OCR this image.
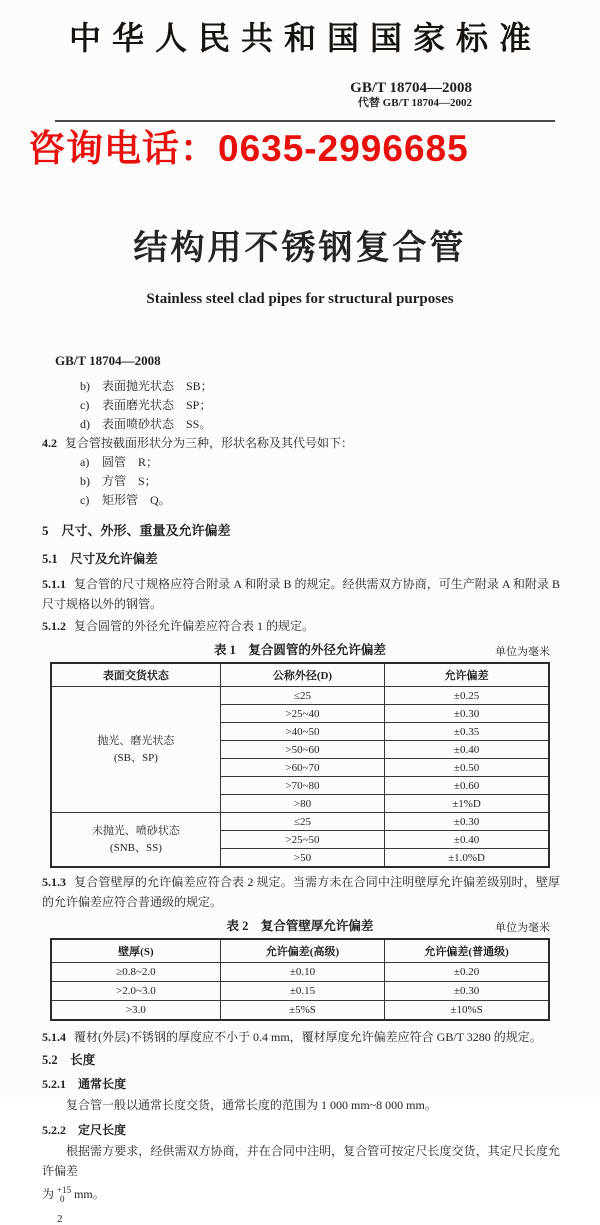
中华人民共和国国家标准
GB/T 18704—2008
代替 GB/T 18704—2002
咨询电话：0635-2996685
结构用不锈钢复合管
Stainless steel clad pipes for structural purposes
GB/T 18704—2008
b) 表面抛光状态　SB；
c) 表面磨光状态　SP；
d) 表面喷砂状态　SS。
4.2 复合管按截面形状分为三种，形状名称及其代号如下：
a) 圆管　R；
b) 方管　S；
c) 矩形管　Q。
5　尺寸、外形、重量及允许偏差
5.1　尺寸及允许偏差
5.1.1 复合管的尺寸规格应符合附录 A 和附录 B 的规定。经供需双方协商，可生产附录 A 和附录 B 尺寸规格以外的钢管。
5.1.2 复合圆管的外径允许偏差应符合表 1 的规定。
表 1　复合圆管的外径允许偏差	单位为毫米
表面交货状态	公称外径(D)	允许偏差

抛光、磨光状态
(SB、SP)	≤25	±0.25
	>25~40	±0.30
	>40~50	±0.35
	>50~60	±0.40
	>60~70	±0.50
	>70~80	±0.60
	>80	±1%D

未抛光、喷砂状态
(SNB、SS)	≤25	±0.30
	>25~50	±0.40
	>50	±1.0%D
5.1.3 复合管壁厚的允许偏差应符合表 2 规定。当需方未在合同中注明壁厚允许偏差级别时，壁厚的允许偏差应符合普通级的规定。
表 2　复合管壁厚允许偏差	单位为毫米
壁厚(S)	允许偏差(高级)	允许偏差(普通级)
≥0.8~2.0	±0.10	±0.20
>2.0~3.0	±0.15	±0.30
>3.0	±5%S	±10%S
5.1.4 覆材(外层)不锈钢的厚度应不小于 0.4 mm，覆材厚度允许偏差应符合 GB/T 3280 的规定。
5.2　长度
5.2.1　通常长度
复合管一般以通常长度交货，通常长度的范围为 1 000 mm~8 000 mm。
5.2.2　定尺长度
根据需方要求，经供需双方协商，并在合同中注明，复合管可按定尺长度交货，其定尺长度允许偏差
为 +15
0 mm。
2
